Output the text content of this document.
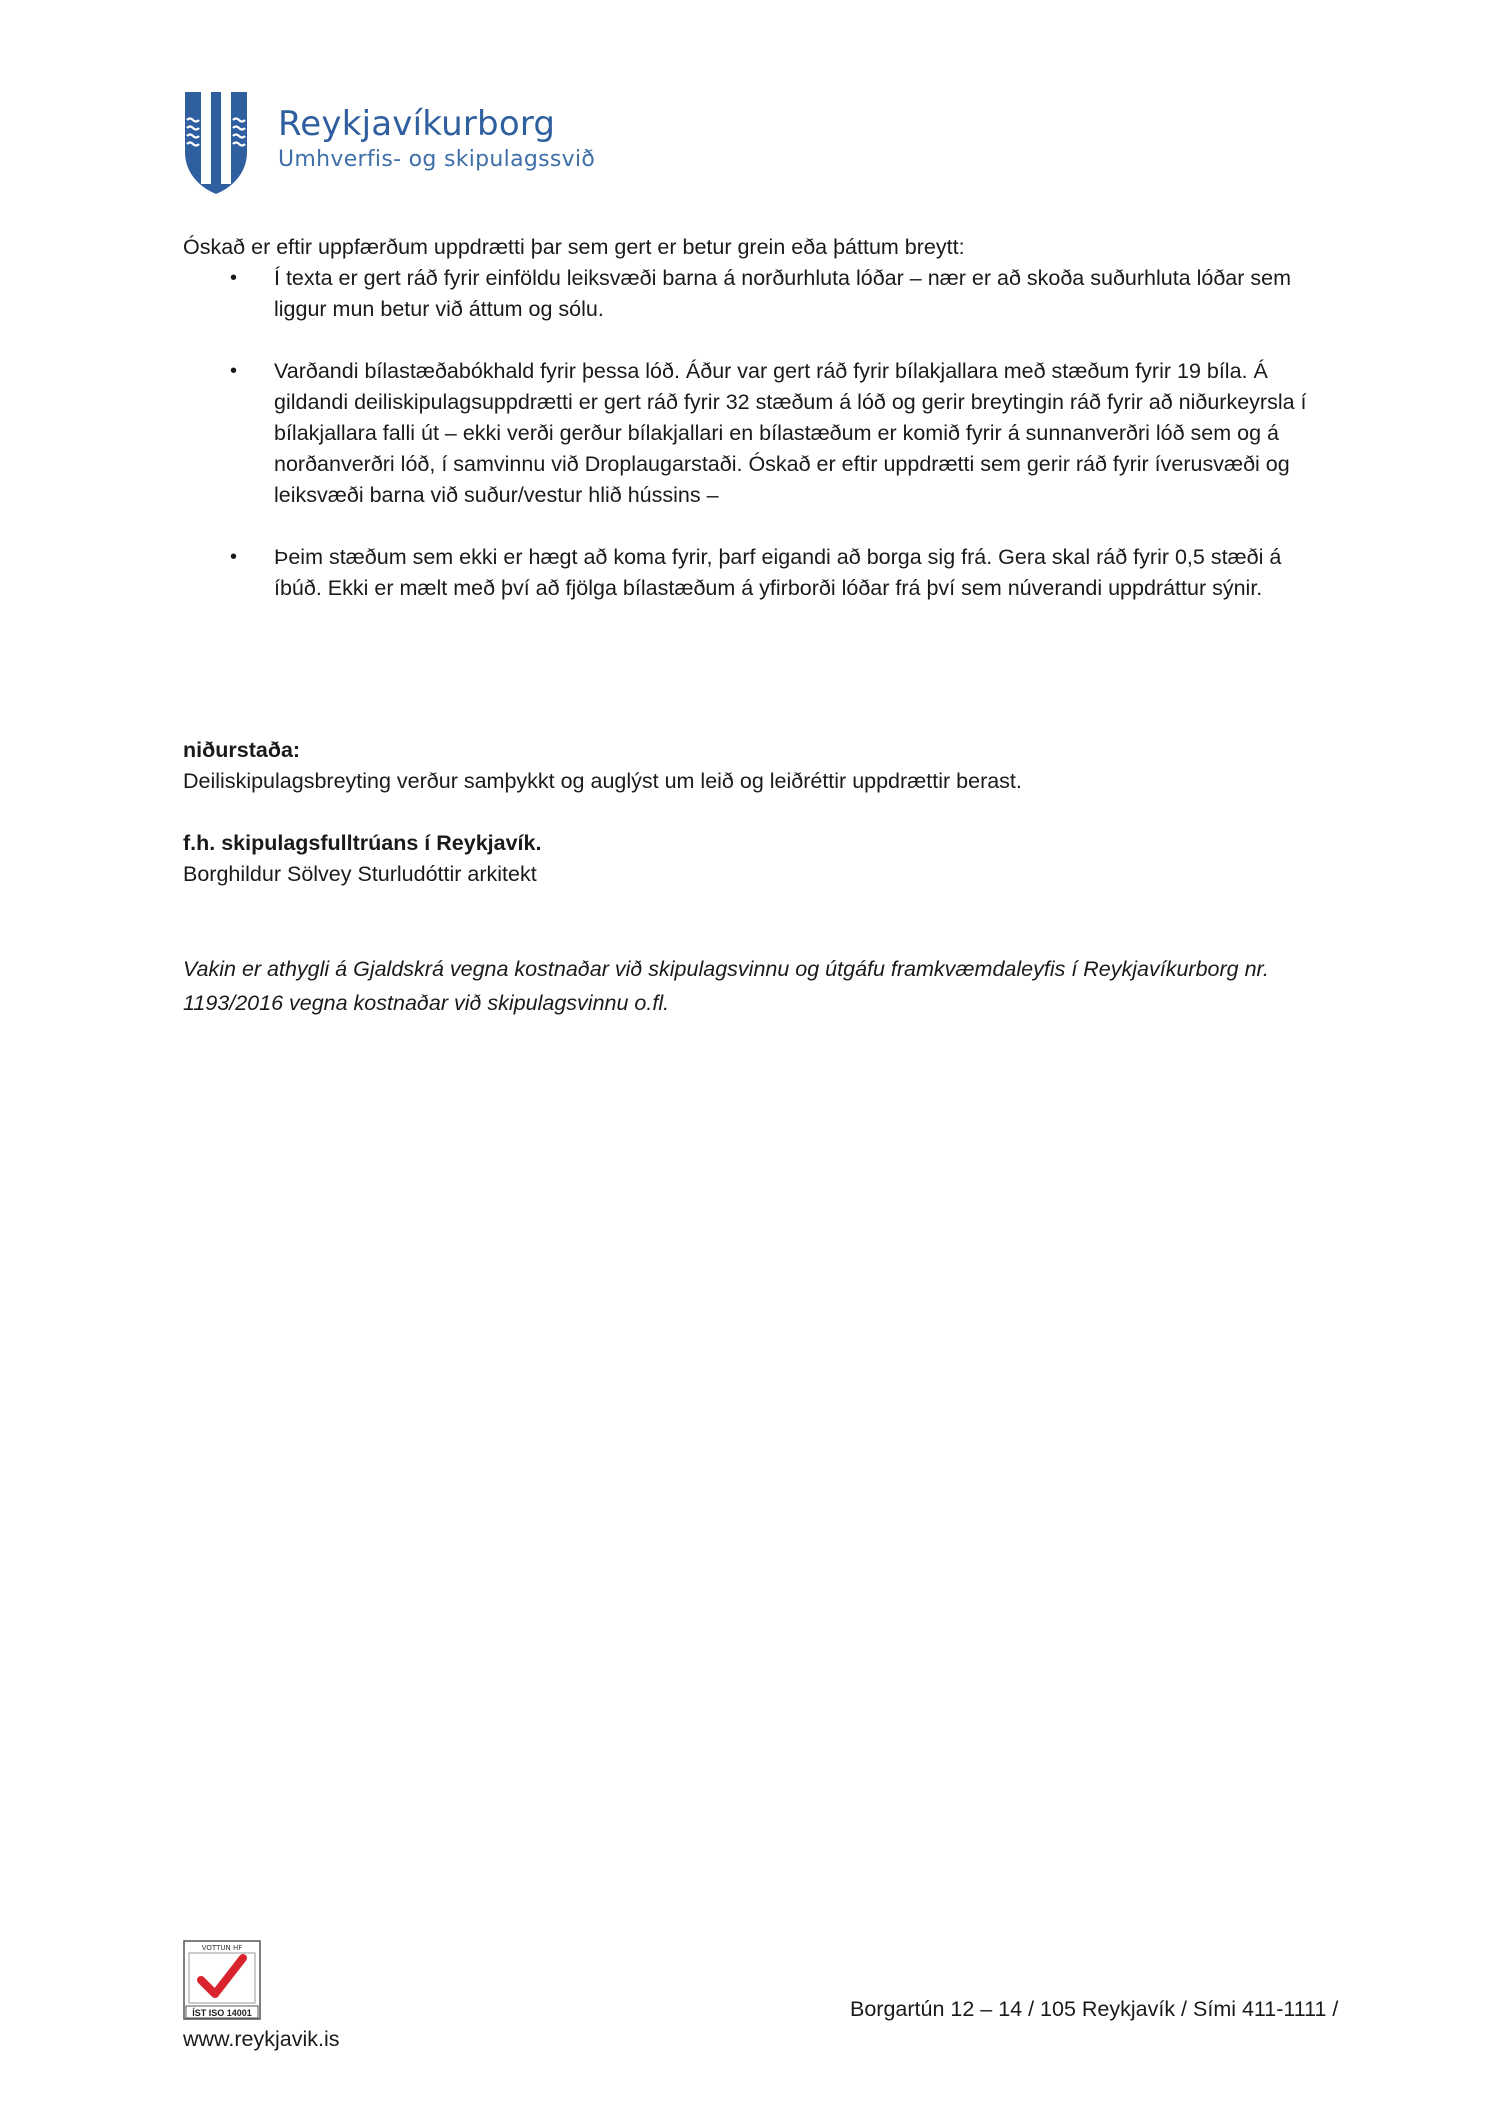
Reykjavíkurborg
Umhverfis- og skipulagssvið

Óskað er eftir uppfærðum uppdrætti þar sem gert er betur grein eða þáttum breytt:

• Í texta er gert ráð fyrir einföldu leiksvæði barna á norðurhluta lóðar – nær er að skoða suðurhluta lóðar sem liggur mun betur við áttum og sólu.

• Varðandi bílastæðabókhald fyrir þessa lóð. Áður var gert ráð fyrir bílakjallara með stæðum fyrir 19 bíla. Á gildandi deiliskipulagsuppdrætti er gert ráð fyrir 32 stæðum á lóð og gerir breytingin ráð fyrir að niðurkeyrsla í bílakjallara falli út – ekki verði gerður bílakjallari en bílastæðum er komið fyrir á sunnanverðri lóð sem og á norðanverðri lóð, í samvinnu við Droplaugarstaði. Óskað er eftir uppdrætti sem gerir ráð fyrir íverusvæði og leiksvæði barna við suður/vestur hlið hússins –

• Þeim stæðum sem ekki er hægt að koma fyrir, þarf eigandi að borga sig frá. Gera skal ráð fyrir 0,5 stæði á íbúð. Ekki er mælt með því að fjölga bílastæðum á yfirborði lóðar frá því sem núverandi uppdráttur sýnir.

niðurstaða:

Deiliskipulagsbreyting verður samþykkt og auglýst um leið og leiðréttir uppdrættir berast.

f.h. skipulagsfulltrúans í Reykjavík.

Borghildur Sölvey Sturludóttir arkitekt

Vakin er athygli á Gjaldskrá vegna kostnaðar við skipulagsvinnu og útgáfu framkvæmdaleyfis í Reykjavíkurborg nr. 1193/2016 vegna kostnaðar við skipulagsvinnu o.fl.

VOTTUN HF
ÍST ISO 14001
www.reykjavik.is
Borgartún 12 – 14 / 105 Reykjavík / Sími 411-1111 /
